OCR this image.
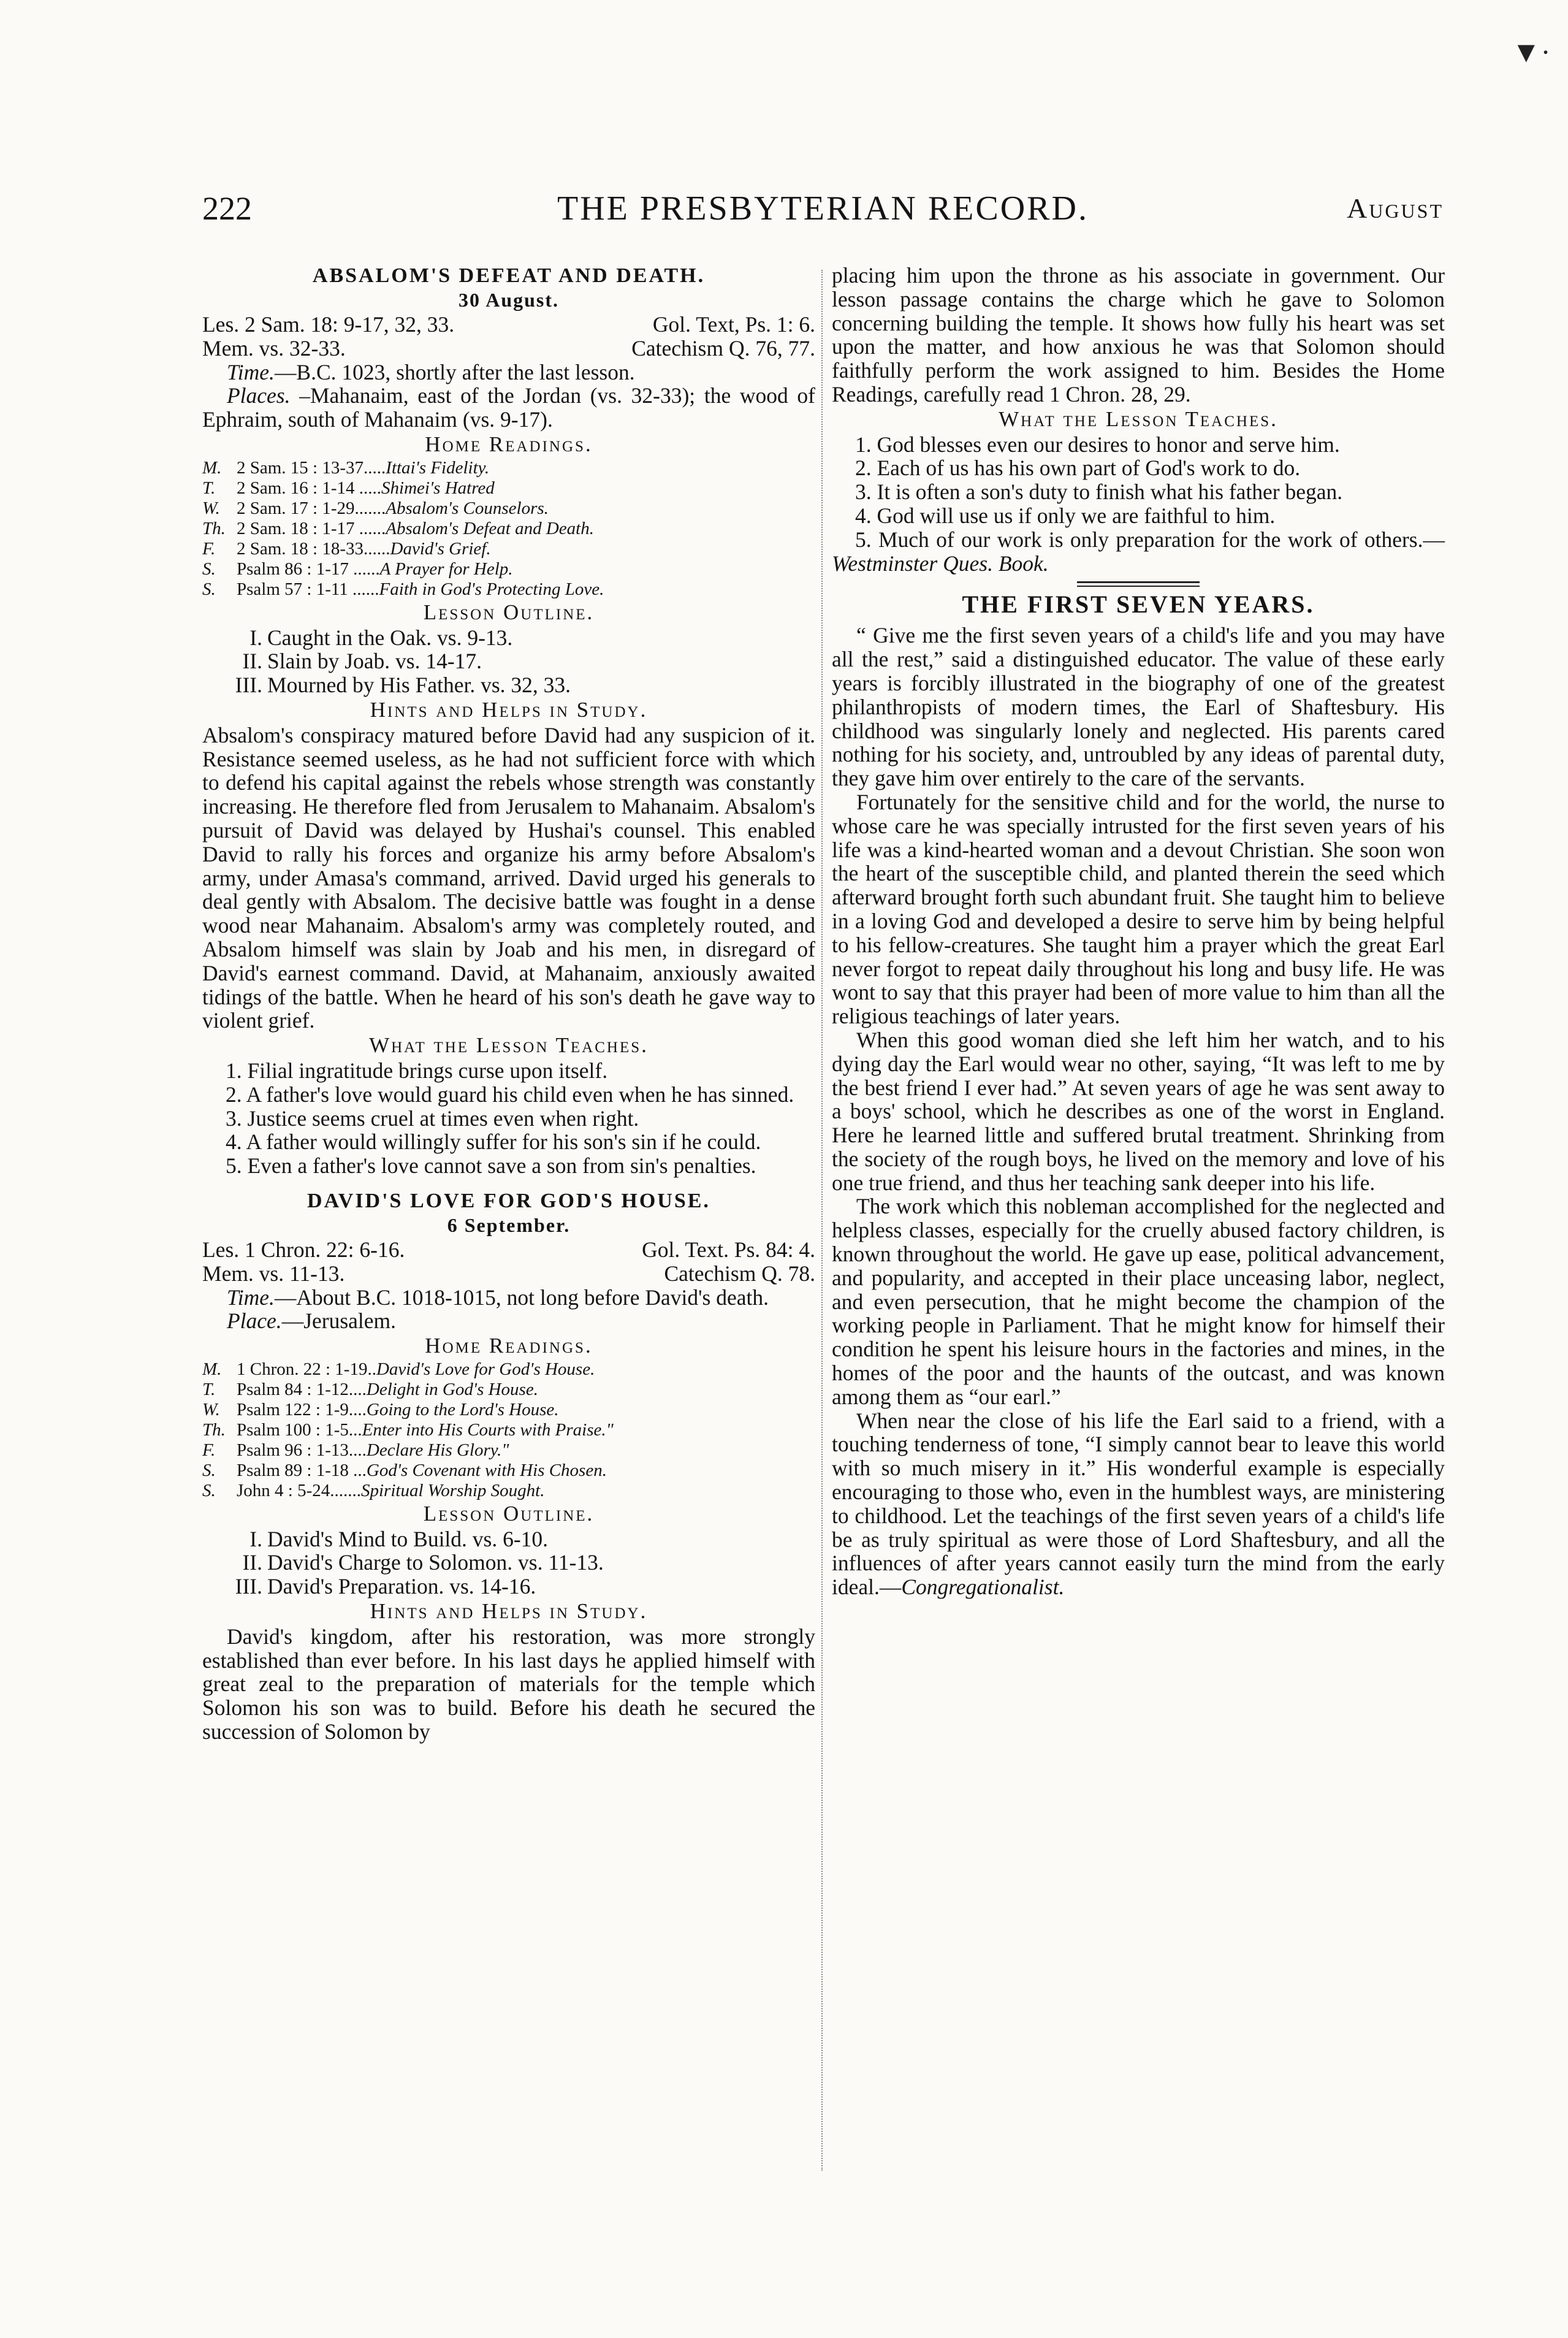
▼·
222	THE PRESBYTERIAN RECORD.	August

ABSALOM'S DEFEAT AND DEATH.

30 August.

Les. 2 Sam. 18: 9-17, 32, 33.	Gol. Text, Ps. 1: 6.
Mem. vs. 32-33.	Catechism Q. 76, 77.

Time.—B.C. 1023, shortly after the last lesson.

Places. –Mahanaim, east of the Jordan (vs. 32-33); the wood of Ephraim, south of Mahanaim (vs. 9-17).

Home Readings.

M. 2 Sam. 15 : 13-37.....Ittai's Fidelity.

T. 2 Sam. 16 : 1-14 .....Shimei's Hatred

W. 2 Sam. 17 : 1-29.......Absalom's Counselors.

Th. 2 Sam. 18 : 1-17 ......Absalom's Defeat and Death.

F. 2 Sam. 18 : 18-33......David's Grief.

S. Psalm 86 : 1-17 ......A Prayer for Help.

S. Psalm 57 : 1-11 ......Faith in God's Protecting Love.

Lesson Outline.

I. Caught in the Oak. vs. 9-13.

II. Slain by Joab. vs. 14-17.

III. Mourned by His Father. vs. 32, 33.

Hints and Helps in Study.

Absalom's conspiracy matured before David had any suspicion of it. Resistance seemed useless, as he had not sufficient force with which to defend his capital against the rebels whose strength was constantly increasing. He therefore fled from Jerusalem to Mahanaim. Absalom's pursuit of David was delayed by Hushai's counsel. This enabled David to rally his forces and organize his army before Absalom's army, under Amasa's command, arrived. David urged his generals to deal gently with Absalom. The decisive battle was fought in a dense wood near Mahanaim. Absalom's army was completely routed, and Absalom himself was slain by Joab and his men, in disregard of David's earnest command. David, at Mahanaim, anxiously awaited tidings of the battle. When he heard of his son's death he gave way to violent grief.

What the Lesson Teaches.

1. Filial ingratitude brings curse upon itself.

2. A father's love would guard his child even when he has sinned.

3. Justice seems cruel at times even when right.

4. A father would willingly suffer for his son's sin if he could.

5. Even a father's love cannot save a son from sin's penalties.

DAVID'S LOVE FOR GOD'S HOUSE.

6 September.

Les. 1 Chron. 22: 6-16.	Gol. Text. Ps. 84: 4.
Mem. vs. 11-13.	Catechism Q. 78.

Time.—About B.C. 1018-1015, not long before David's death.

Place.—Jerusalem.

Home Readings.

M. 1 Chron. 22 : 1-19..David's Love for God's House.

T. Psalm 84 : 1-12....Delight in God's House.

W. Psalm 122 : 1-9....Going to the Lord's House.

Th. Psalm 100 : 1-5...Enter into His Courts with Praise."

F. Psalm 96 : 1-13....Declare His Glory."

S. Psalm 89 : 1-18 ...God's Covenant with His Chosen.

S. John 4 : 5-24.......Spiritual Worship Sought.

Lesson Outline.

I. David's Mind to Build. vs. 6-10.

II. David's Charge to Solomon. vs. 11-13.

III. David's Preparation. vs. 14-16.

Hints and Helps in Study.

David's kingdom, after his restoration, was more strongly established than ever before. In his last days he applied himself with great zeal to the preparation of materials for the temple which Solomon his son was to build. Before his death he secured the succession of Solomon by

placing him upon the throne as his associate in government. Our lesson passage contains the charge which he gave to Solomon concerning building the temple. It shows how fully his heart was set upon the matter, and how anxious he was that Solomon should faithfully perform the work assigned to him. Besides the Home Readings, carefully read 1 Chron. 28, 29.

What the Lesson Teaches.

1. God blesses even our desires to honor and serve him.

2. Each of us has his own part of God's work to do.

3. It is often a son's duty to finish what his father began.

4. God will use us if only we are faithful to him.

5. Much of our work is only preparation for the work of others.— Westminster Ques. Book.

THE FIRST SEVEN YEARS.

“ Give me the first seven years of a child's life and you may have all the rest,” said a distinguished educator. The value of these early years is forcibly illustrated in the biography of one of the greatest philanthropists of modern times, the Earl of Shaftesbury. His childhood was singularly lonely and neglected. His parents cared nothing for his society, and, untroubled by any ideas of parental duty, they gave him over entirely to the care of the servants.

Fortunately for the sensitive child and for the world, the nurse to whose care he was specially intrusted for the first seven years of his life was a kind-hearted woman and a devout Christian. She soon won the heart of the susceptible child, and planted therein the seed which afterward brought forth such abundant fruit. She taught him to believe in a loving God and developed a desire to serve him by being helpful to his fellow-creatures. She taught him a prayer which the great Earl never forgot to repeat daily throughout his long and busy life. He was wont to say that this prayer had been of more value to him than all the religious teachings of later years.

When this good woman died she left him her watch, and to his dying day the Earl would wear no other, saying, “It was left to me by the best friend I ever had.” At seven years of age he was sent away to a boys' school, which he describes as one of the worst in England. Here he learned little and suffered brutal treatment. Shrinking from the society of the rough boys, he lived on the memory and love of his one true friend, and thus her teaching sank deeper into his life.

The work which this nobleman accomplished for the neglected and helpless classes, especially for the cruelly abused factory children, is known throughout the world. He gave up ease, political advancement, and popularity, and accepted in their place unceasing labor, neglect, and even persecution, that he might become the champion of the working people in Parliament. That he might know for himself their condition he spent his leisure hours in the factories and mines, in the homes of the poor and the haunts of the outcast, and was known among them as “our earl.”

When near the close of his life the Earl said to a friend, with a touching tenderness of tone, “I simply cannot bear to leave this world with so much misery in it.” His wonderful example is especially encouraging to those who, even in the humblest ways, are ministering to childhood. Let the teachings of the first seven years of a child's life be as truly spiritual as were those of Lord Shaftesbury, and all the influences of after years cannot easily turn the mind from the early ideal.—Congregationalist.
